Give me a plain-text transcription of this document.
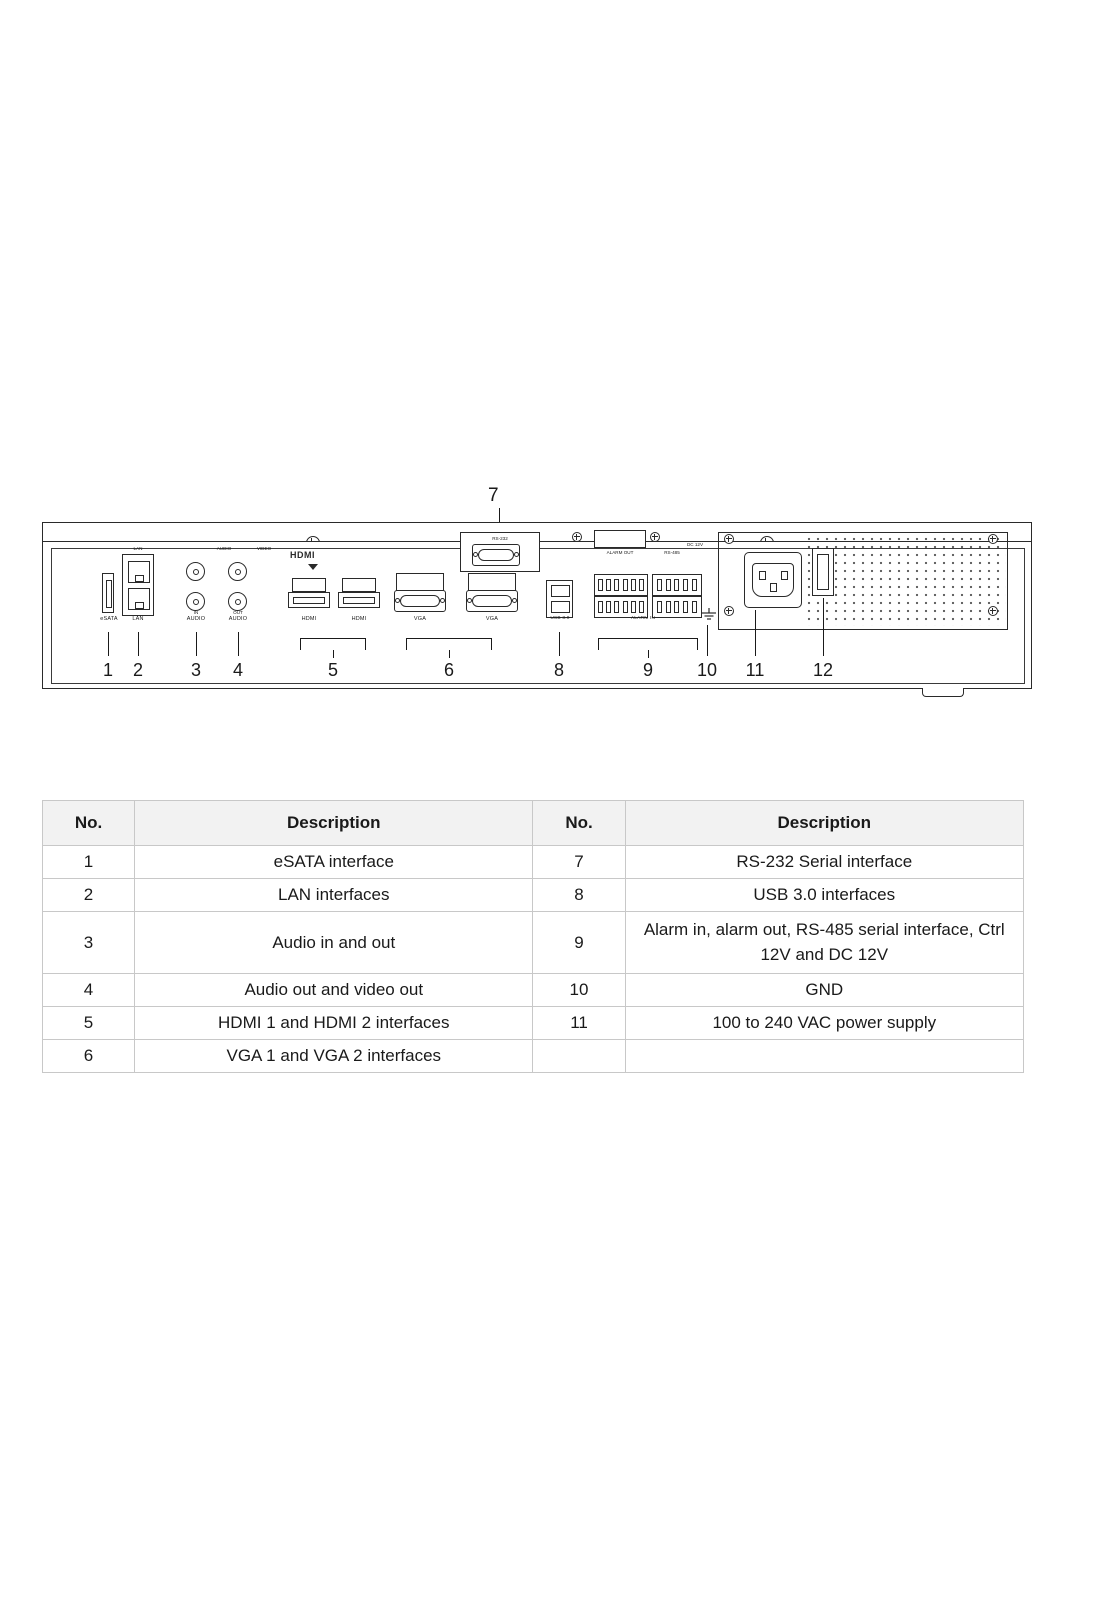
7
eSATA
LAN
LAN
AUDIO
IN
AUDIO
VIDEO
OUT
AUDIO
HDMI
HDMI	HDMI	VGA	VGA
RS-232
USB 3.0
ALARM OUT	RS-485
DC 12V
ALARM IN
1	2	3	4	5	6	8	9	10 11	12
No.	Description	No.	Description
1	eSATA interface	7	RS-232 Serial interface
2	LAN interfaces	8	USB 3.0 interfaces
3	Audio in and out	9	Alarm in, alarm out, RS-485 serial interface, Ctrl 12V and DC 12V
4	Audio out and video out	10	GND
5	HDMI 1 and HDMI 2 interfaces	11	100 to 240 VAC power supply
6	VGA 1 and VGA 2 interfaces		
